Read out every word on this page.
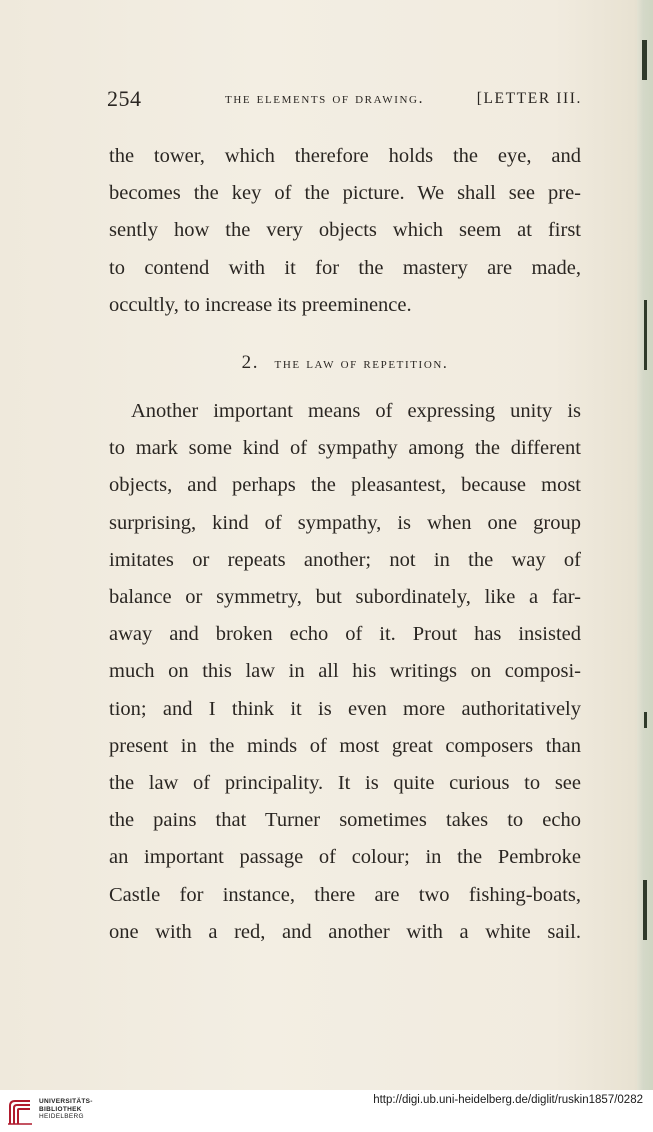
254	the elements of drawing.	[LETTER III.
the tower, which therefore holds the eye, and
becomes the key of the picture. We shall see pre-
sently how the very objects which seem at first
to contend with it for the mastery are made,
occultly, to increase its preeminence.
2. the law of repetition.
Another important means of expressing unity is
to mark some kind of sympathy among the different
objects, and perhaps the pleasantest, because most
surprising, kind of sympathy, is when one group
imitates or repeats another; not in the way of
balance or symmetry, but subordinately, like a far-
away and broken echo of it. Prout has insisted
much on this law in all his writings on composi-
tion; and I think it is even more authoritatively
present in the minds of most great composers than
the law of principality. It is quite curious to see
the pains that Turner sometimes takes to echo
an important passage of colour; in the Pembroke
Castle for instance, there are two fishing-boats,
one with a red, and another with a white sail.
UNIVERSITÄTS-
BIBLIOTHEK
HEIDELBERG
http://digi.ub.uni-heidelberg.de/diglit/ruskin1857/0282
